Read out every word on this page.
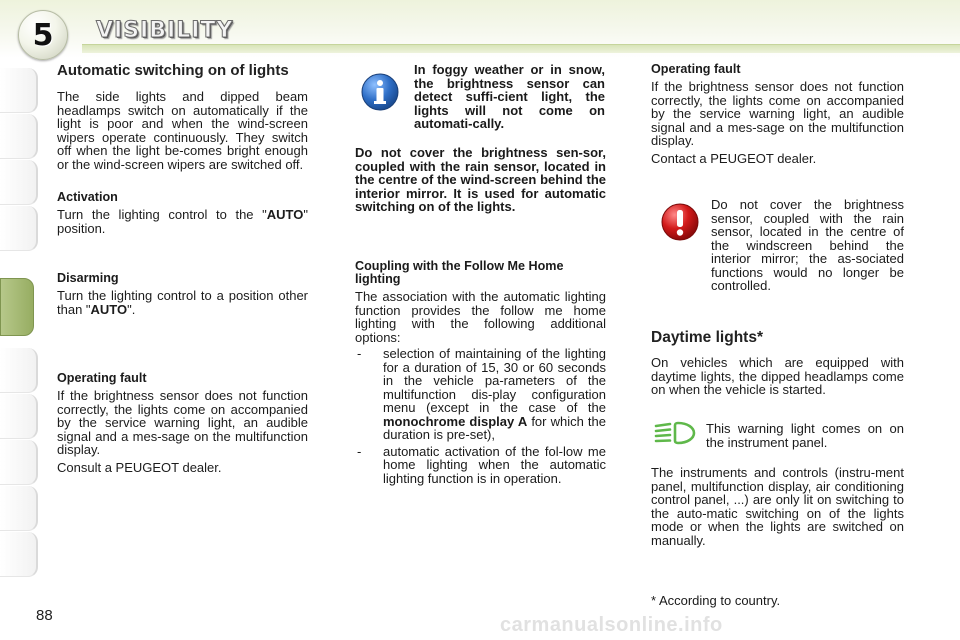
5	VISIBILITY

Automatic switching on of lights

The side lights and dipped beam headlamps switch on automatically if the light is poor and when the wind-screen wipers operate continuously. They switch off when the light be-comes bright enough or the wind-screen wipers are switched off.

Activation

Turn the lighting control to the "AUTO" position.

Disarming

Turn the lighting control to a position other than "AUTO".

Operating fault

If the brightness sensor does not function correctly, the lights come on accompanied by the service warning light, an audible signal and a mes-sage on the multifunction display.

Consult a PEUGEOT dealer.

In foggy weather or in snow, the brightness sensor can detect suffi-cient light, the lights will not come on automati-cally.
Do not cover the brightness sen-sor, coupled with the rain sensor, located in the centre of the wind-screen behind the interior mirror. It is used for automatic switching on of the lights.

Coupling with the Follow Me Home lighting

The association with the automatic lighting function provides the follow me home lighting with the following additional options:

- selection of maintaining of the lighting for a duration of 15, 30 or 60 seconds in the vehicle pa-rameters of the multifunction dis-play configuration menu (except in the case of the monochrome display A for which the duration is pre-set),
- automatic activation of the fol-low me home lighting when the automatic lighting function is in operation.

Operating fault

If the brightness sensor does not function correctly, the lights come on accompanied by the service warning light, an audible signal and a mes-sage on the multifunction display.

Contact a PEUGEOT dealer.

Do not cover the brightness sensor, coupled with the rain sensor, located in the centre of the windscreen behind the interior mirror; the as-sociated functions would no longer be controlled.

Daytime lights*

On vehicles which are equipped with daytime lights, the dipped headlamps come on when the vehicle is started.

This warning light comes on on the instrument panel.

The instruments and controls (instru-ment panel, multifunction display, air conditioning control panel, ...) are only lit on switching to the auto-matic switching on of the lights mode or when the lights are switched on manually.

* According to country.
88	carmanualsonline.info
